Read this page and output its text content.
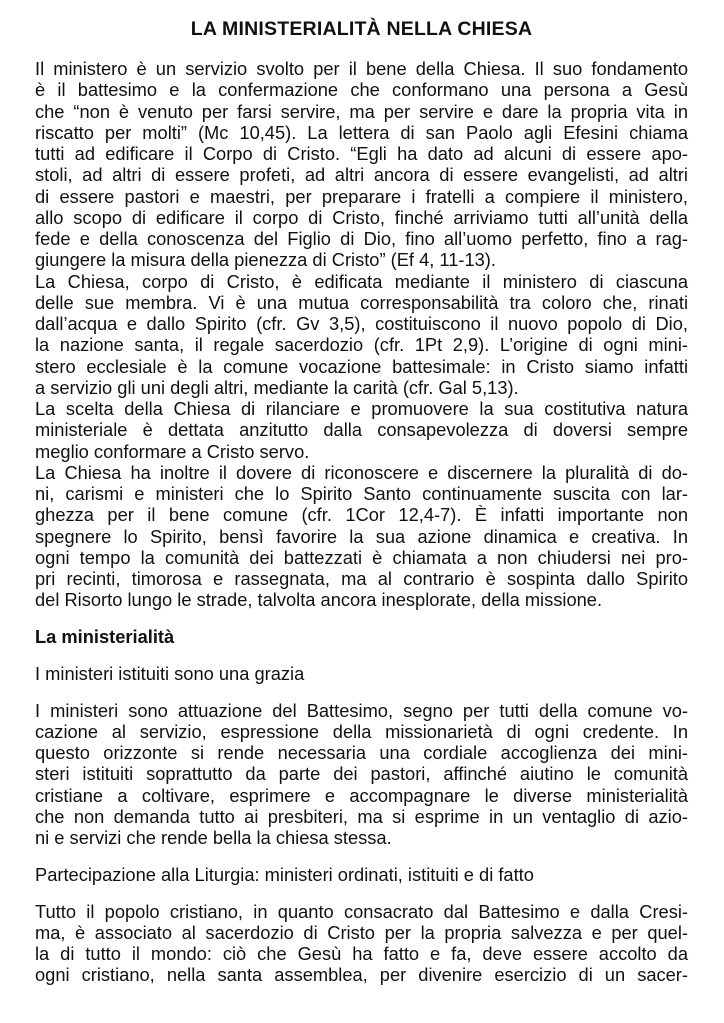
LA MINISTERIALITÀ NELLA CHIESA
Il ministero è un servizio svolto per il bene della Chiesa. Il suo fondamento
è il battesimo e la confermazione che conformano una persona a Gesù
che “non è venuto per farsi servire, ma per servire e dare la propria vita in
riscatto per molti” (Mc 10,45). La lettera di san Paolo agli Efesini chiama
tutti ad edificare il Corpo di Cristo. “Egli ha dato ad alcuni di essere apo-
stoli, ad altri di essere profeti, ad altri ancora di essere evangelisti, ad altri
di essere pastori e maestri, per preparare i fratelli a compiere il ministero,
allo scopo di edificare il corpo di Cristo, finché arriviamo tutti all’unità della
fede e della conoscenza del Figlio di Dio, fino all’uomo perfetto, fino a rag-
giungere la misura della pienezza di Cristo” (Ef 4, 11-13).
La Chiesa, corpo di Cristo, è edificata mediante il ministero di ciascuna
delle sue membra. Vi è una mutua corresponsabilità tra coloro che, rinati
dall’acqua e dallo Spirito (cfr. Gv 3,5), costituiscono il nuovo popolo di Dio,
la nazione santa, il regale sacerdozio (cfr. 1Pt 2,9). L’origine di ogni mini-
stero ecclesiale è la comune vocazione battesimale: in Cristo siamo infatti
a servizio gli uni degli altri, mediante la carità (cfr. Gal 5,13).
La scelta della Chiesa di rilanciare e promuovere la sua costitutiva natura
ministeriale è dettata anzitutto dalla consapevolezza di doversi sempre
meglio conformare a Cristo servo.
La Chiesa ha inoltre il dovere di riconoscere e discernere la pluralità di do-
ni, carismi e ministeri che lo Spirito Santo continuamente suscita con lar-
ghezza per il bene comune (cfr. 1Cor 12,4-7). È infatti importante non
spegnere lo Spirito, bensì favorire la sua azione dinamica e creativa. In
ogni tempo la comunità dei battezzati è chiamata a non chiudersi nei pro-
pri recinti, timorosa e rassegnata, ma al contrario è sospinta dallo Spirito
del Risorto lungo le strade, talvolta ancora inesplorate, della missione.
La ministerialità
I ministeri istituiti sono una grazia
I ministeri sono attuazione del Battesimo, segno per tutti della comune vo-
cazione al servizio, espressione della missionarietà di ogni credente. In
questo orizzonte si rende necessaria una cordiale accoglienza dei mini-
steri istituiti soprattutto da parte dei pastori, affinché aiutino le comunità
cristiane a coltivare, esprimere e accompagnare le diverse ministerialità
che non demanda tutto ai presbiteri, ma si esprime in un ventaglio di azio-
ni e servizi che rende bella la chiesa stessa.
Partecipazione alla Liturgia: ministeri ordinati, istituiti e di fatto
Tutto il popolo cristiano, in quanto consacrato dal Battesimo e dalla Cresi-
ma, è associato al sacerdozio di Cristo per la propria salvezza e per quel-
la di tutto il mondo: ciò che Gesù ha fatto e fa, deve essere accolto da
ogni cristiano, nella santa assemblea, per divenire esercizio di un sacer-
